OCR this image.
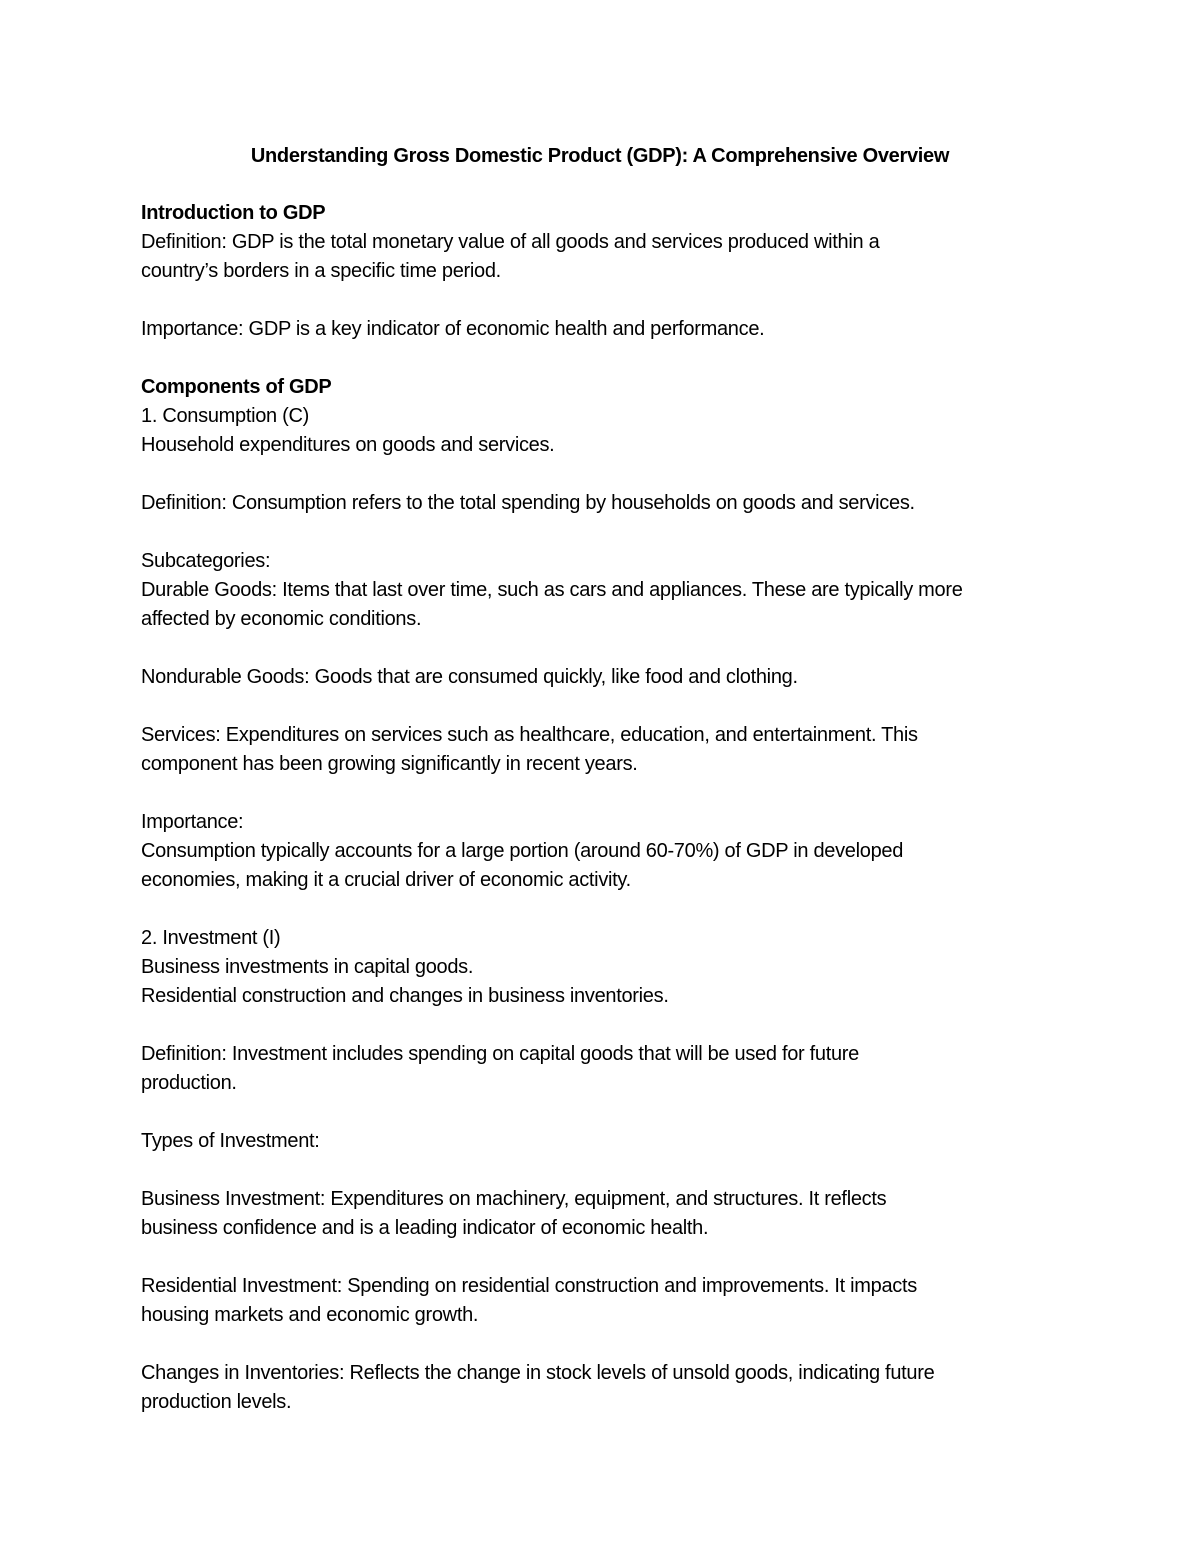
Understanding Gross Domestic Product (GDP): A Comprehensive Overview

Introduction to GDP

Definition: GDP is the total monetary value of all goods and services produced within a

country’s borders in a specific time period.

Importance: GDP is a key indicator of economic health and performance.

Components of GDP

1. Consumption (C)

Household expenditures on goods and services.

Definition: Consumption refers to the total spending by households on goods and services.

Subcategories:

Durable Goods: Items that last over time, such as cars and appliances. These are typically more

affected by economic conditions.

Nondurable Goods: Goods that are consumed quickly, like food and clothing.

Services: Expenditures on services such as healthcare, education, and entertainment. This

component has been growing significantly in recent years.

Importance:

Consumption typically accounts for a large portion (around 60-70%) of GDP in developed

economies, making it a crucial driver of economic activity.

2. Investment (I)

Business investments in capital goods.

Residential construction and changes in business inventories.

Definition: Investment includes spending on capital goods that will be used for future

production.

Types of Investment:

Business Investment: Expenditures on machinery, equipment, and structures. It reflects

business confidence and is a leading indicator of economic health.

Residential Investment: Spending on residential construction and improvements. It impacts

housing markets and economic growth.

Changes in Inventories: Reflects the change in stock levels of unsold goods, indicating future

production levels.
